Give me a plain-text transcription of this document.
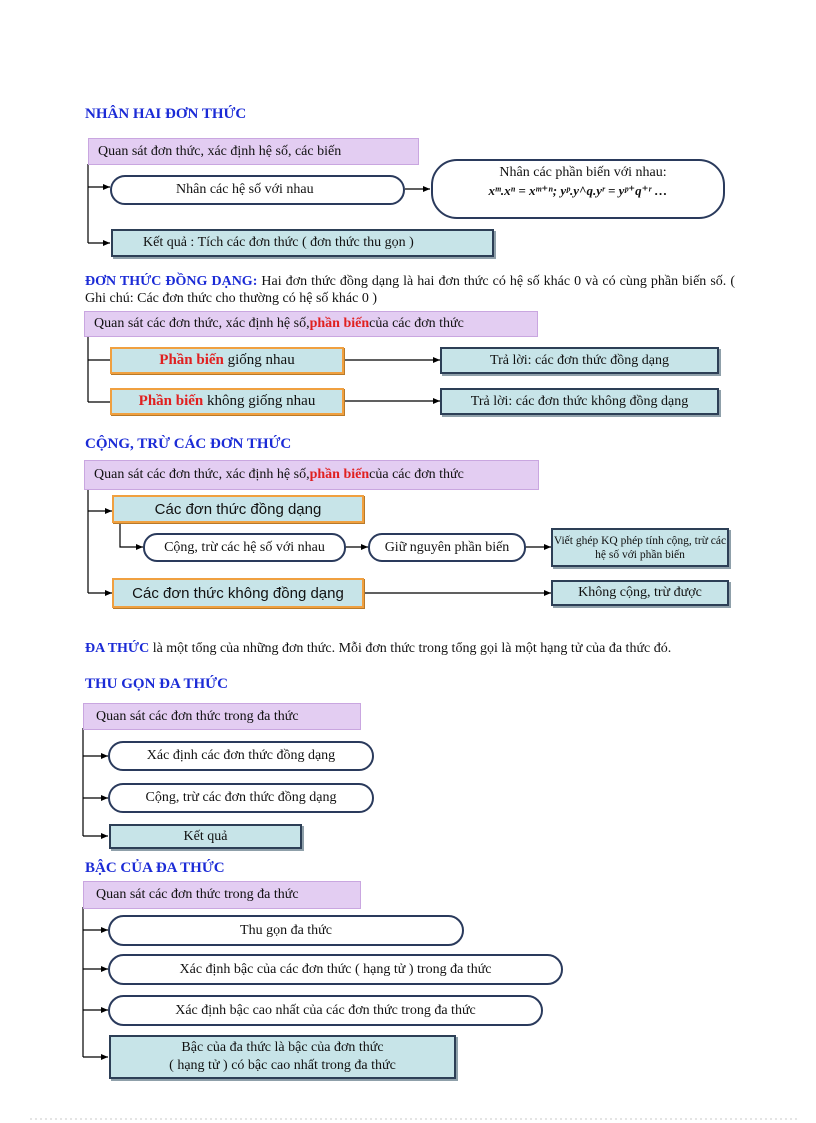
NHÂN HAI ĐƠN THỨC
Quan sát đơn thức, xác định hệ số, các biến
Nhân các hệ số với nhau
Nhân các phần biến với nhau:
xᵐ.xⁿ = xᵐ⁺ⁿ; yᵖ.y^q.yʳ = yᵖ⁺q⁺ʳ …
Kết quả : Tích các đơn thức ( đơn thức thu gọn )
ĐƠN THỨC ĐỒNG DẠNG: Hai đơn thức đồng dạng là hai đơn thức có hệ số khác 0 và có cùng phần biến số. ( Ghi chú: Các đơn thức cho thường có hệ số khác 0 )
Quan sát các đơn thức, xác định hệ số, phần biến của các đơn thức
Phần biến giống nhau
Phần biến không giống nhau
Trả lời: các đơn thức đồng dạng
Trả lời: các đơn thức không đồng dạng
CỘNG, TRỪ CÁC ĐƠN THỨC
Quan sát các đơn thức, xác định hệ số, phần biến của các đơn thức
Các đơn thức đồng dạng
Cộng, trừ các hệ số với nhau	Giữ nguyên phần biến	Viết ghép KQ phép tính cộng, trừ các hệ số với phần biến
Các đơn thức không đồng dạng	Không cộng, trừ được
ĐA THỨC là một tổng của những đơn thức. Mỗi đơn thức trong tổng gọi là một hạng tử của đa thức đó.
THU GỌN ĐA THỨC
Quan sát các đơn thức trong đa thức
Xác định các đơn thức đồng dạng
Cộng, trừ các đơn thức đồng dạng
Kết quả
BẬC CỦA ĐA THỨC
Quan sát các đơn thức trong đa thức
Thu gọn đa thức
Xác định bậc của các đơn thức ( hạng tử ) trong đa thức
Xác định bậc cao nhất của các đơn thức trong đa thức
Bậc của đa thức là bậc của đơn thức
( hạng tử ) có bậc cao nhất trong đa thức
